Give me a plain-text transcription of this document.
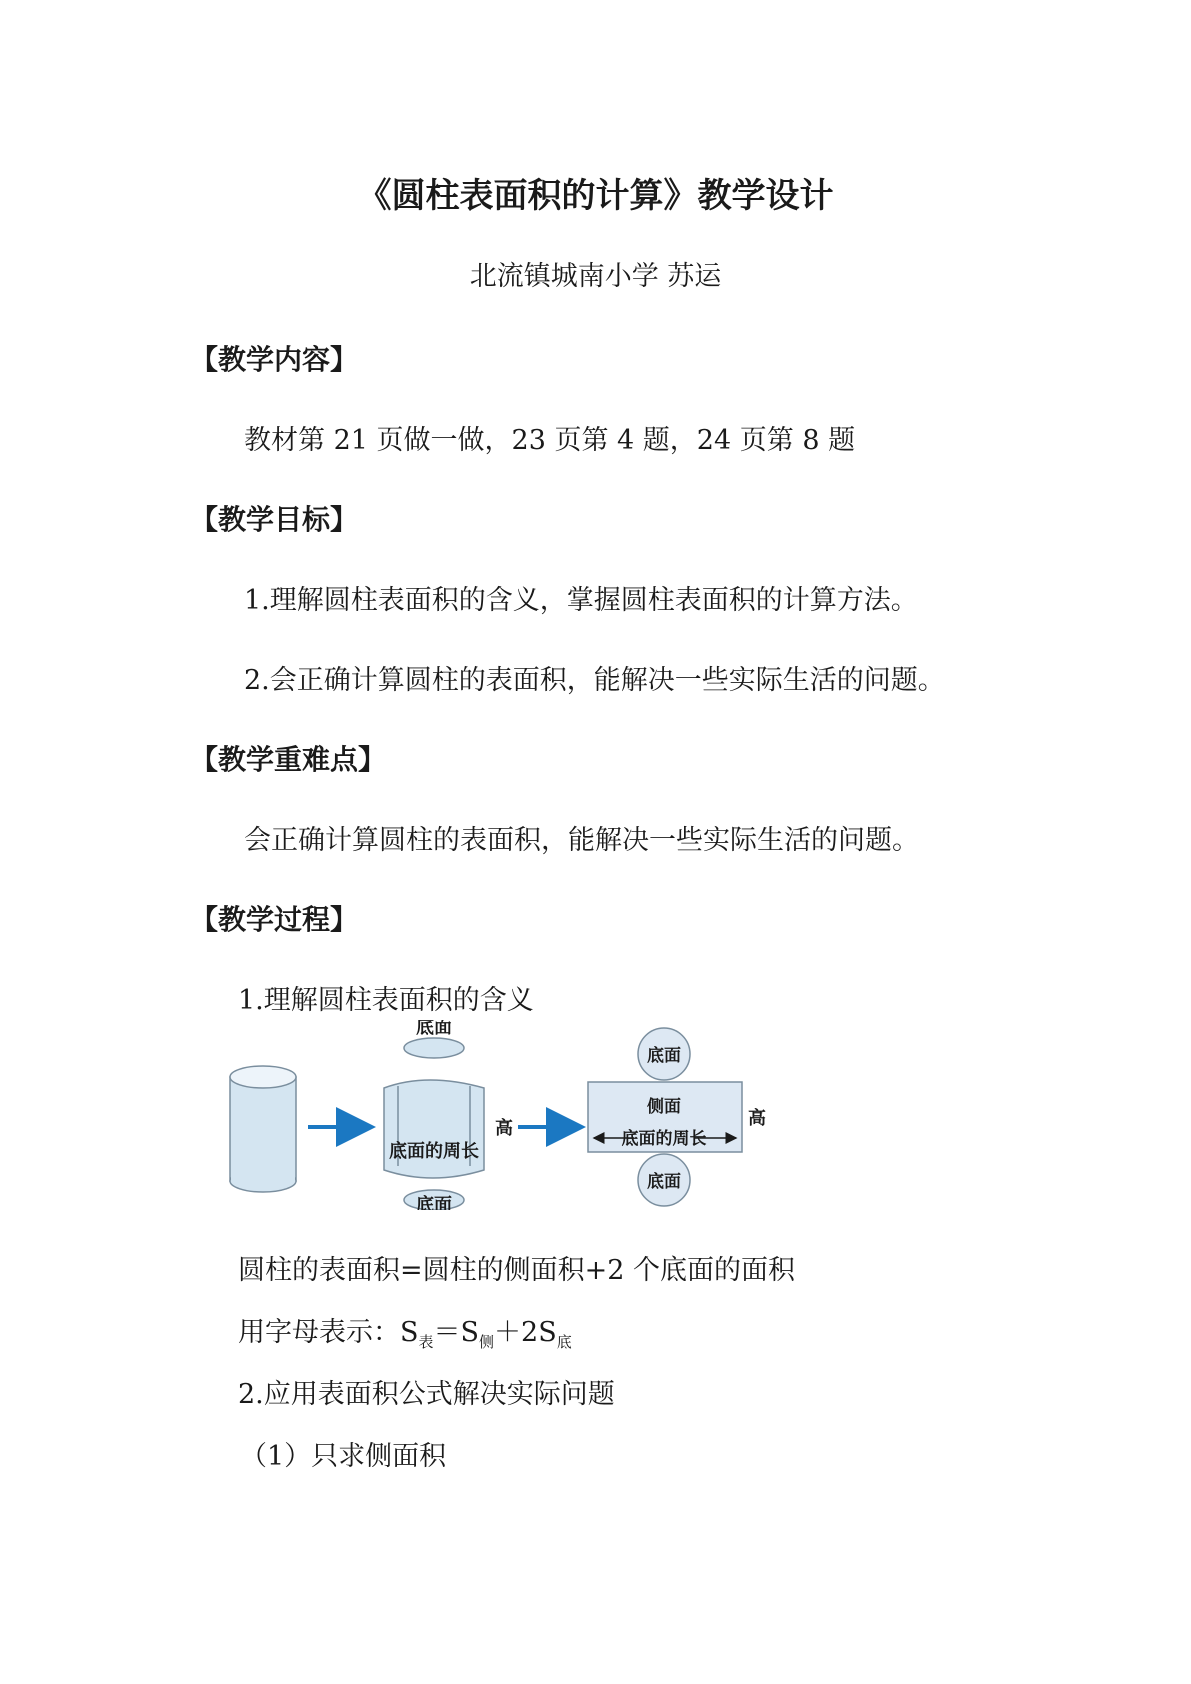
《圆柱表面积的计算》教学设计
北流镇城南小学 苏运
【教学内容】
教材第 21 页做一做，23 页第 4 题，24 页第 8 题
【教学目标】
1.理解圆柱表面积的含义，掌握圆柱表面积的计算方法。
2.会正确计算圆柱的表面积，能解决一些实际生活的问题。
【教学重难点】
会正确计算圆柱的表面积，能解决一些实际生活的问题。
【教学过程】
1.理解圆柱表面积的含义
底面
底面的周长
高
底面
底面
侧面
底面的周长
高
底面
圆柱的表面积=圆柱的侧面积+2 个底面的面积
用字母表示：$S_表=S_侧+2S_底$
2.应用表面积公式解决实际问题
（1）只求侧面积
